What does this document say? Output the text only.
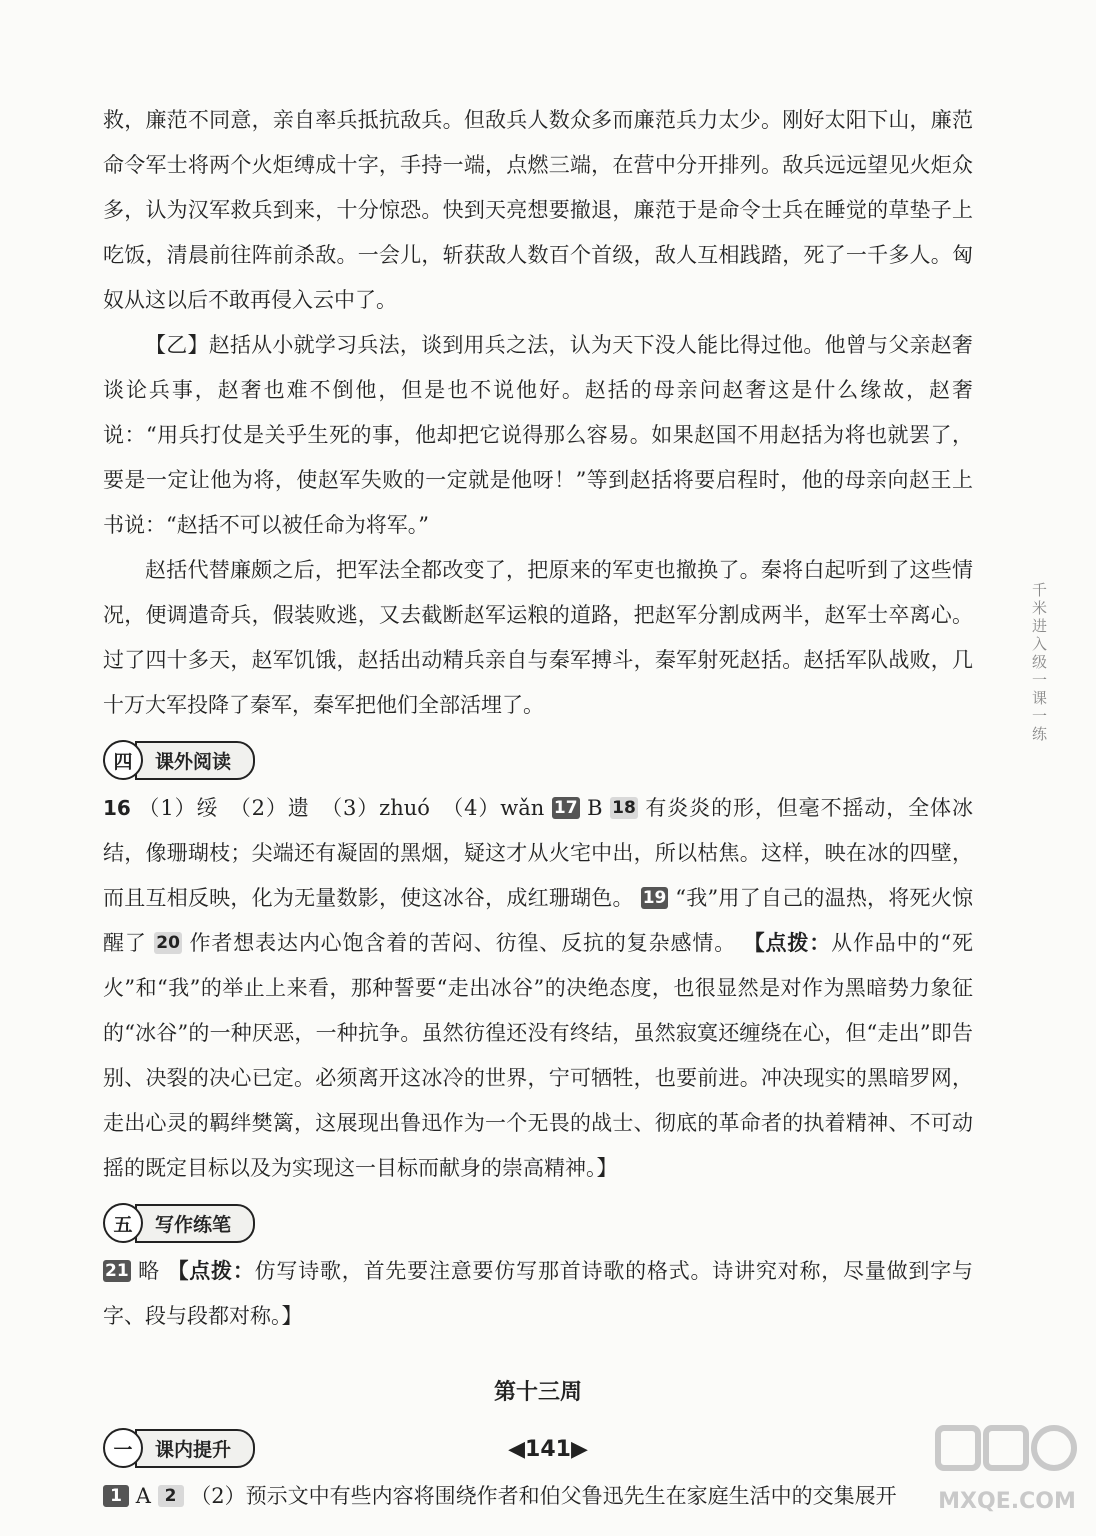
救，廉范不同意，亲自率兵抵抗敌兵。但敌兵人数众多而廉范兵力太少。刚好太阳下山，廉范命令军士将两个火炬缚成十字，手持一端，点燃三端，在营中分开排列。敌兵远远望见火炬众多，认为汉军救兵到来，十分惊恐。快到天亮想要撤退，廉范于是命令士兵在睡觉的草垫子上吃饭，清晨前往阵前杀敌。一会儿，斩获敌人数百个首级，敌人互相践踏，死了一千多人。匈奴从这以后不敢再侵入云中了。

【乙】赵括从小就学习兵法，谈到用兵之法，认为天下没人能比得过他。他曾与父亲赵奢谈论兵事，赵奢也难不倒他，但是也不说他好。赵括的母亲问赵奢这是什么缘故，赵奢说：“用兵打仗是关乎生死的事，他却把它说得那么容易。如果赵国不用赵括为将也就罢了，要是一定让他为将，使赵军失败的一定就是他呀！”等到赵括将要启程时，他的母亲向赵王上书说：“赵括不可以被任命为将军。”

赵括代替廉颇之后，把军法全都改变了，把原来的军吏也撤换了。秦将白起听到了这些情况，便调遣奇兵，假装败逃，又去截断赵军运粮的道路，把赵军分割成两半，赵军士卒离心。过了四十多天，赵军饥饿，赵括出动精兵亲自与秦军搏斗，秦军射死赵括。赵括军队战败，几十万大军投降了秦军，秦军把他们全部活埋了。

四	课外阅读

16 （1）绥　（2）遗　（3）zhuó　（4）wǎn 17 B 18 有炎炎的形，但毫不摇动，全体冰结，像珊瑚枝；尖端还有凝固的黑烟，疑这才从火宅中出，所以枯焦。这样，映在冰的四壁，而且互相反映，化为无量数影，使这冰谷，成红珊瑚色。 19 “我”用了自己的温热，将死火惊醒了 20 作者想表达内心饱含着的苦闷、彷徨、反抗的复杂感情。 【点拨：从作品中的“死火”和“我”的举止上来看，那种誓要“走出冰谷”的决绝态度，也很显然是对作为黑暗势力象征的“冰谷”的一种厌恶，一种抗争。虽然彷徨还没有终结，虽然寂寞还缠绕在心，但“走出”即告别、决裂的决心已定。必须离开这冰冷的世界，宁可牺牲，也要前进。冲决现实的黑暗罗网，走出心灵的羁绊樊篱，这展现出鲁迅作为一个无畏的战士、彻底的革命者的执着精神、不可动摇的既定目标以及为实现这一目标而献身的崇高精神。】

五	写作练笔

21 略 【点拨：仿写诗歌，首先要注意要仿写那首诗歌的格式。诗讲究对称，尽量做到字与字、段与段都对称。】

第十三周
一	课内提升

1 A 2 （2）预示文中有些内容将围绕作者和伯父鲁迅先生在家庭生活中的交集展开

千米进入级一课一练
◀141▶
MXQE.COM
